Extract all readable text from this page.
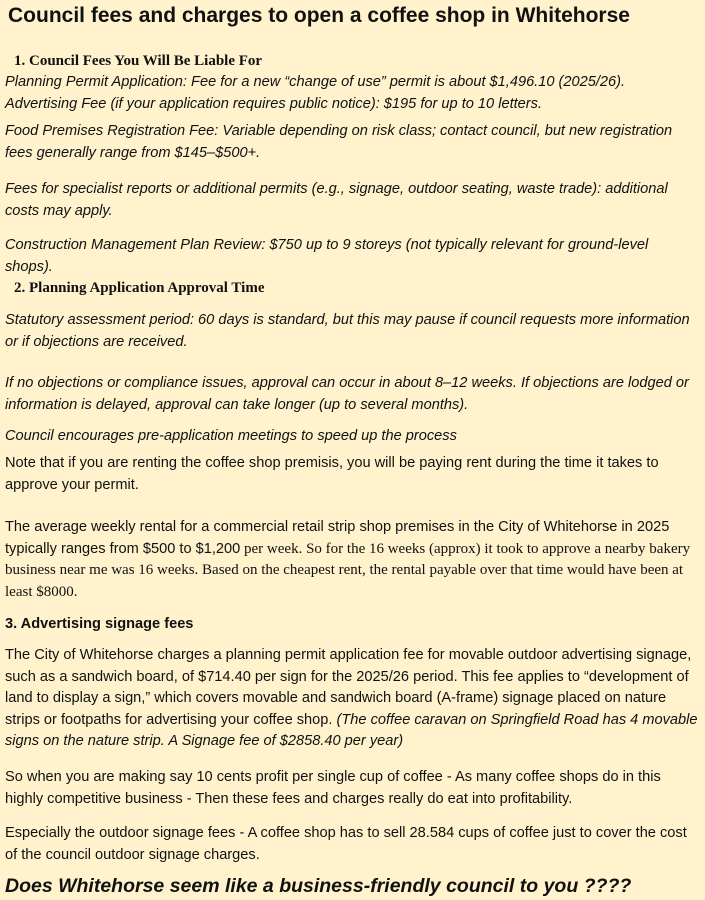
Council fees and charges to open a coffee shop in Whitehorse
1. Council Fees You Will Be Liable For
Planning Permit Application: Fee for a new “change of use” permit is about $1,496.10 (2025/26).
Advertising Fee (if your application requires public notice): $195 for up to 10 letters.
Food Premises Registration Fee: Variable depending on risk class; contact council, but new registration fees generally range from $145–$500+.
Fees for specialist reports or additional permits (e.g., signage, outdoor seating, waste trade): additional costs may apply.
Construction Management Plan Review: $750 up to 9 storeys (not typically relevant for ground-level shops).
2. Planning Application Approval Time
Statutory assessment period: 60 days is standard, but this may pause if council requests more information or if objections are received.
If no objections or compliance issues, approval can occur in about 8–12 weeks. If objections are lodged or information is delayed, approval can take longer (up to several months).
Council encourages pre-application meetings to speed up the process
Note that if you are renting the coffee shop premisis, you will be paying rent during the time it takes to approve your permit.
The average weekly rental for a commercial retail strip shop premises in the City of Whitehorse in 2025 typically ranges from $500 to $1,200 per week. So for the 16 weeks (approx) it took to approve a nearby bakery business near me was 16 weeks. Based on the cheapest rent, the rental payable over that time would have been at least $8000.
3. Advertising signage fees
The City of Whitehorse charges a planning permit application fee for movable outdoor advertising signage, such as a sandwich board, of $714.40 per sign for the 2025/26 period. This fee applies to “development of land to display a sign,” which covers movable and sandwich board (A-frame) signage placed on nature strips or footpaths for advertising your coffee shop. (The coffee caravan on Springfield Road has 4 movable signs on the nature strip. A Signage fee of $2858.40 per year)
So when you are making say 10 cents profit per single cup of coffee - As many coffee shops do in this highly competitive business - Then these fees and charges really do eat into profitability.
Especially the outdoor signage fees - A coffee shop has to sell 28.584 cups of coffee just to cover the cost of the council outdoor signage charges.
Does Whitehorse seem like a business-friendly council to you ????
